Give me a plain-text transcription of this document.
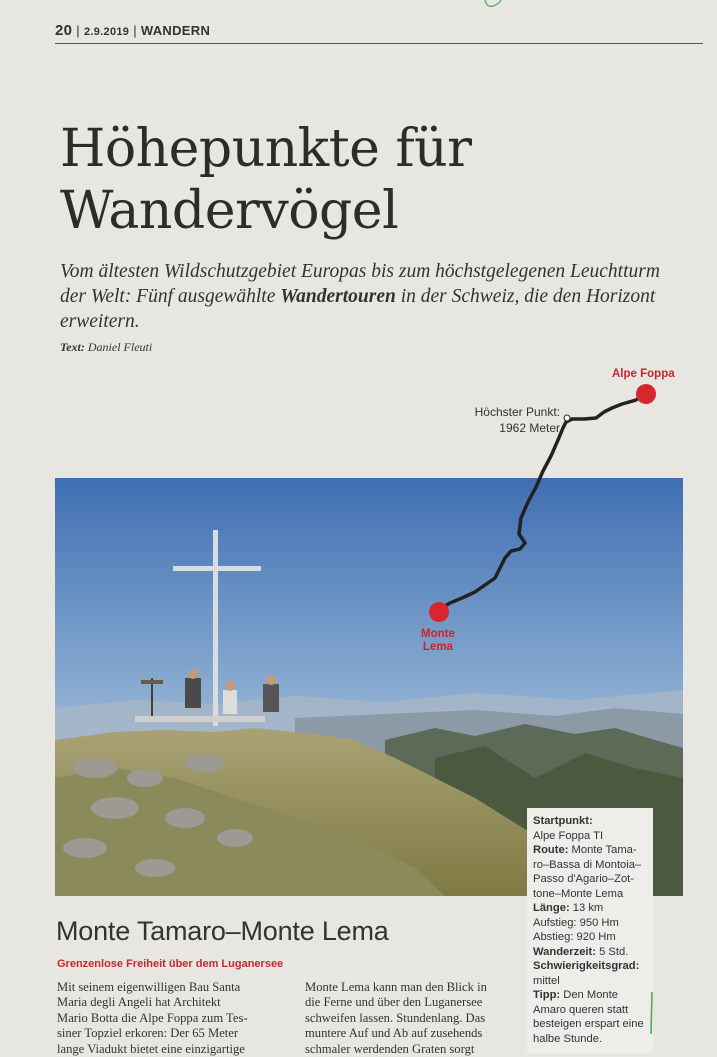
20 | 2.9.2019 | WANDERN
Höhepunkte für
Wandervögel
Vom ältesten Wildschutzgebiet Europas bis zum höchstgelegenen Leuchtturm der Welt: Fünf ausgewählte Wandertouren in der Schweiz, die den Horizont erweitern.
Text: Daniel Fleuti
Alpe Foppa
Höchster Punkt:
1962 Meter
Monte
Lema
Startpunkt:
Alpe Foppa TI
Route: Monte Tama-
ro–Bassa di Montoia–
Passo d'Agario–Zot-
tone–Monte Lema
Länge: 13 km
Aufstieg: 950 Hm
Abstieg: 920 Hm
Wanderzeit: 5 Std.
Schwierigkeitsgrad:
mittel
Tipp: Den Monte
Amaro queren statt
besteigen erspart eine
halbe Stunde.
Monte Tamaro–Monte Lema
Grenzenlose Freiheit über dem Luganersee
Mit seinem eigenwilligen Bau Santa
Maria degli Angeli hat Architekt
Mario Botta die Alpe Foppa zum Tes-
siner Topziel erkoren: Der 65 Meter
lange Viadukt bietet eine einzigartige
Monte Lema kann man den Blick in
die Ferne und über den Luganersee
schweifen lassen. Stundenlang. Das
muntere Auf und Ab auf zusehends
schmaler werdenden Graten sorgt
